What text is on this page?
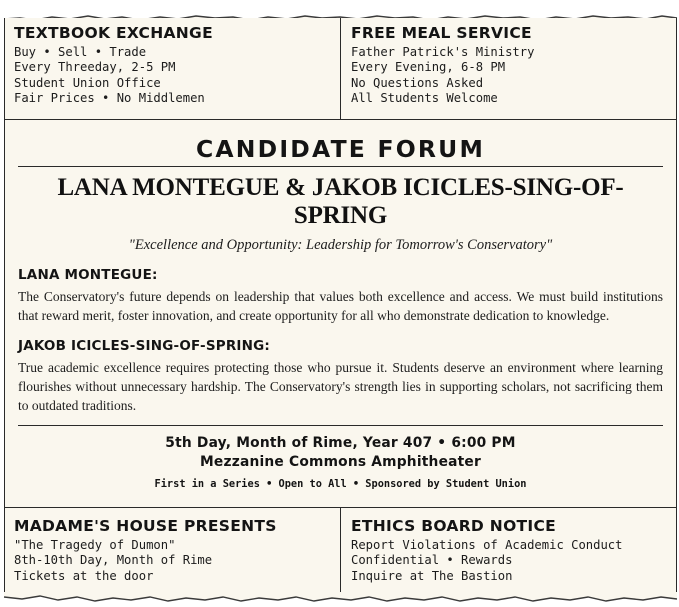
TEXTBOOK EXCHANGE
Buy • Sell • Trade
Every Threeday, 2-5 PM
Student Union Office
Fair Prices • No Middlemen
FREE MEAL SERVICE
Father Patrick's Ministry
Every Evening, 6-8 PM
No Questions Asked
All Students Welcome
CANDIDATE FORUM
LANA MONTEGUE & JAKOB ICICLES-SING-OF-SPRING
"Excellence and Opportunity: Leadership for Tomorrow's Conservatory"
LANA MONTEGUE:
The Conservatory's future depends on leadership that values both excellence and access. We must build institutions that reward merit, foster innovation, and create opportunity for all who demonstrate dedication to knowledge.
JAKOB ICICLES-SING-OF-SPRING:
True academic excellence requires protecting those who pursue it. Students deserve an environment where learning flourishes without unnecessary hardship. The Conservatory's strength lies in supporting scholars, not sacrificing them to outdated traditions.
5th Day, Month of Rime, Year 407 • 6:00 PM
Mezzanine Commons Amphitheater
First in a Series • Open to All • Sponsored by Student Union
MADAME'S HOUSE PRESENTS
"The Tragedy of Dumon"
8th-10th Day, Month of Rime
Tickets at the door
ETHICS BOARD NOTICE
Report Violations of Academic Conduct
Confidential • Rewards
Inquire at The Bastion
